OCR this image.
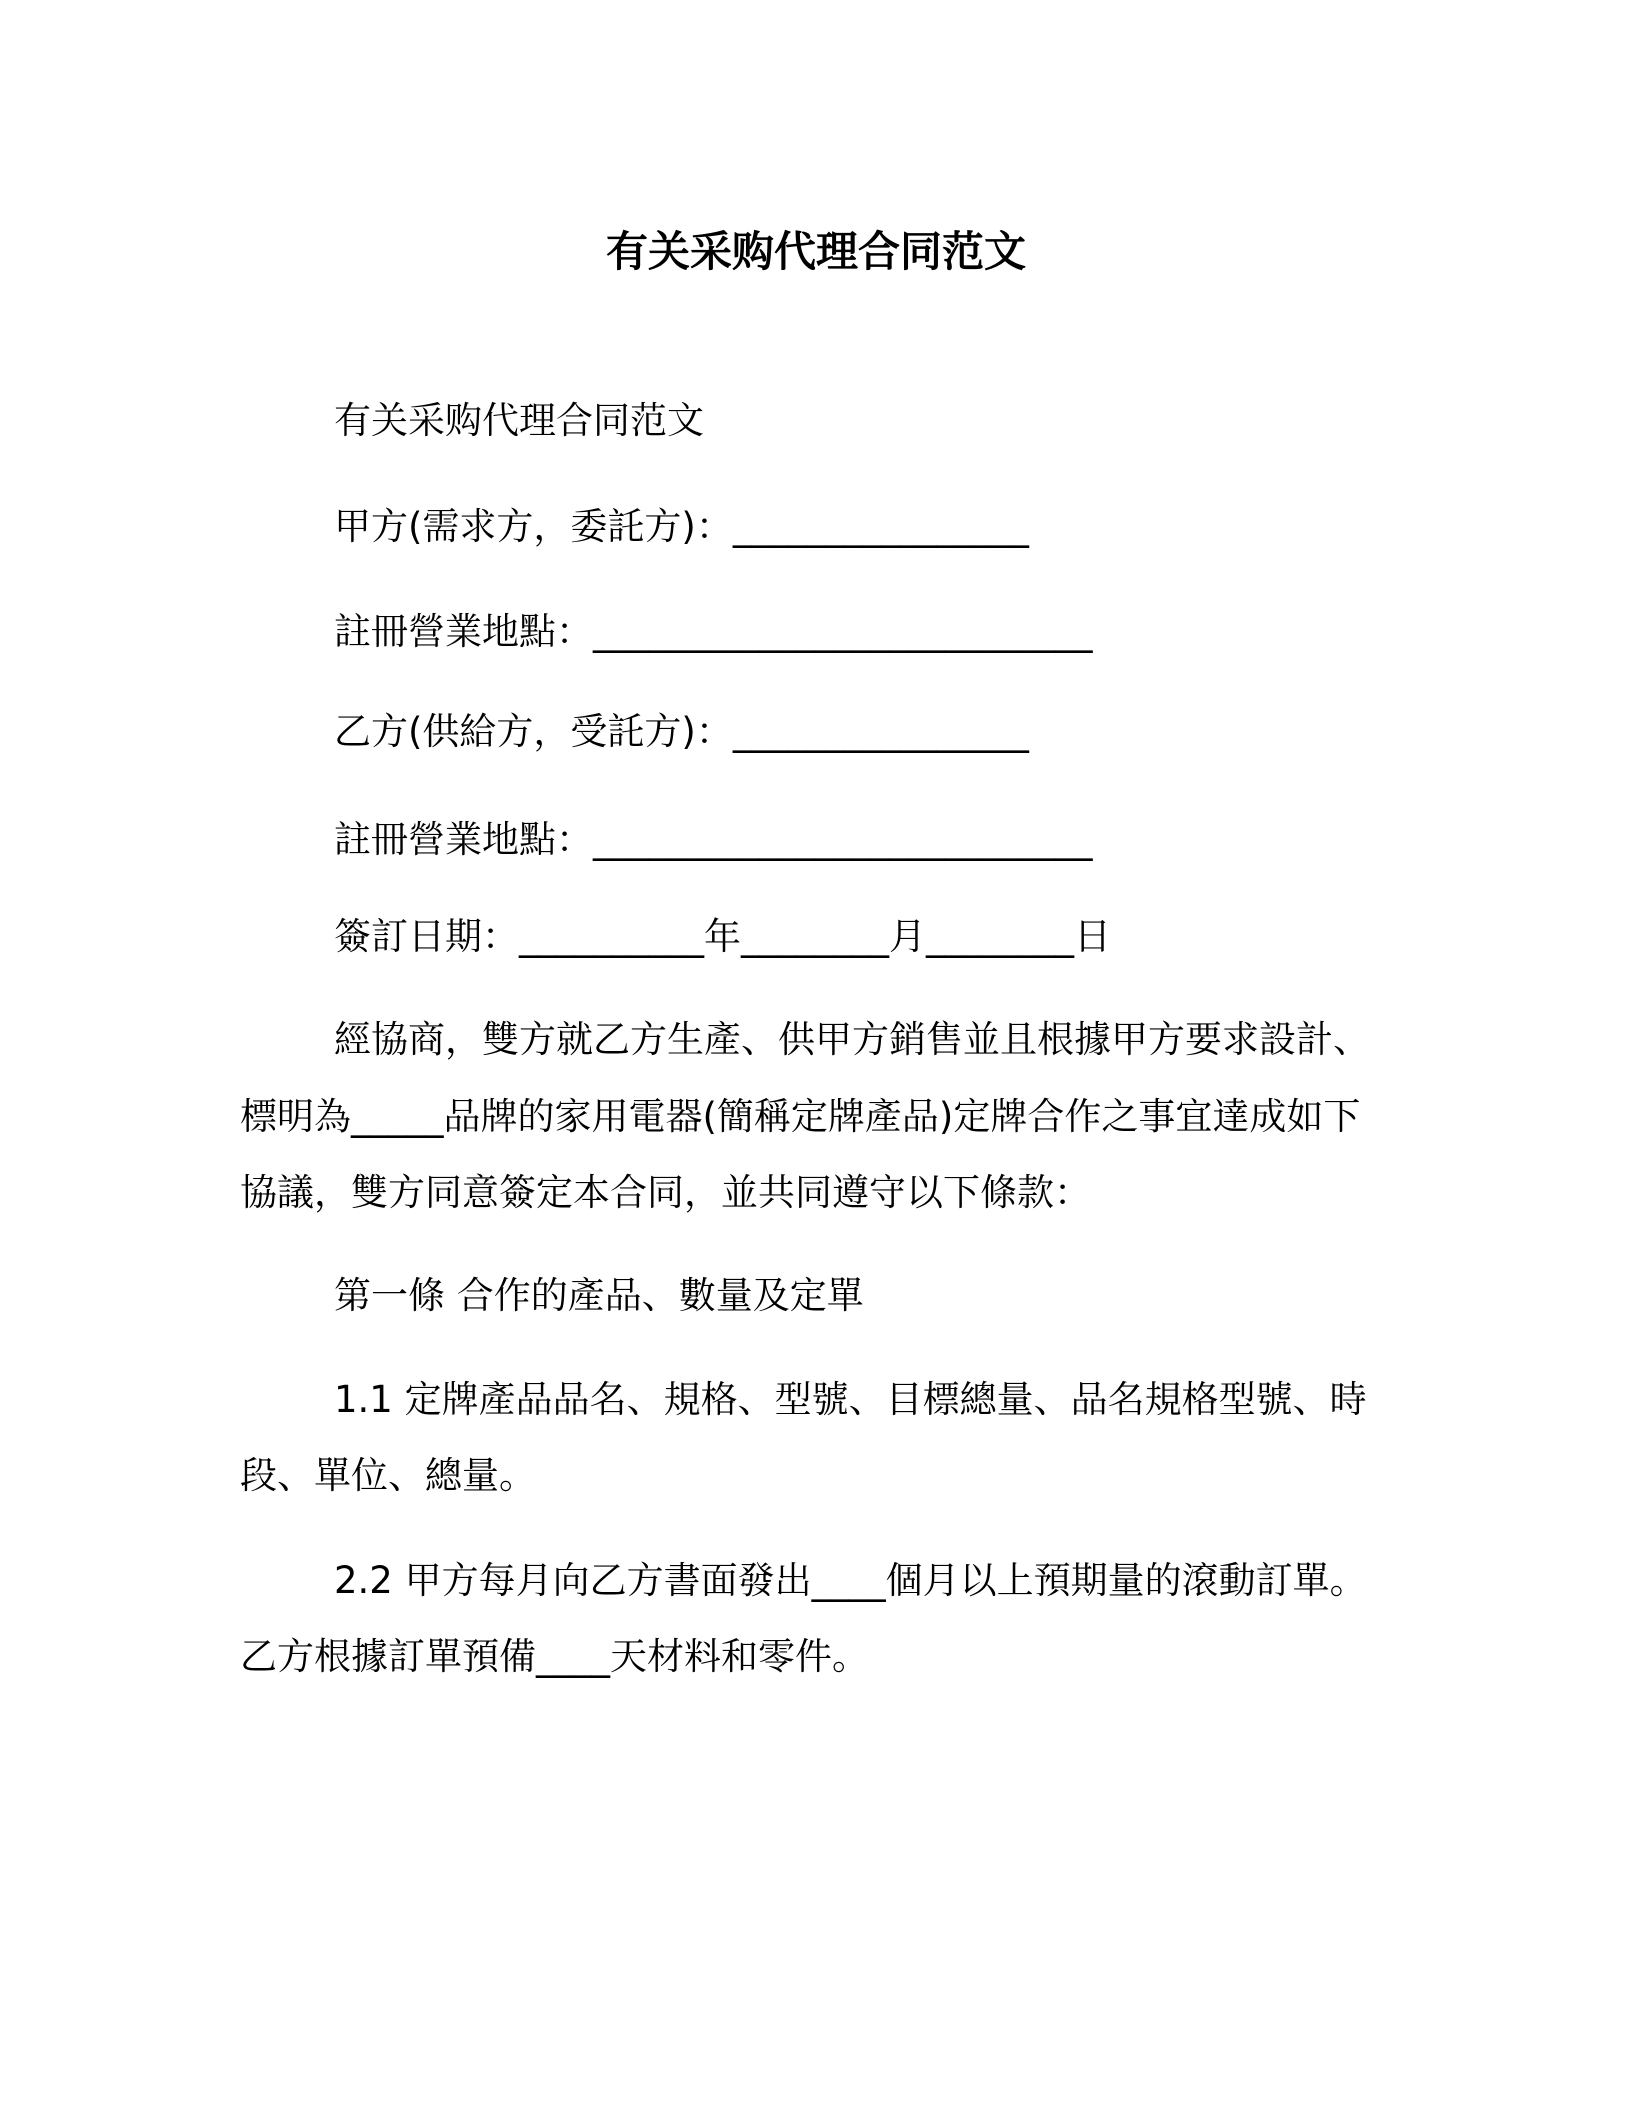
有关采购代理合同范文
有关采购代理合同范文
甲方(需求方，委託方)：________________
註冊營業地點：___________________________
乙方(供給方，受託方)：________________
註冊營業地點：___________________________
簽訂日期：__________年________月________日
經協商，雙方就乙方生產、供甲方銷售並且根據甲方要求設計、
標明為_____品牌的家用電器(簡稱定牌產品)定牌合作之事宜達成如下
協議，雙方同意簽定本合同，並共同遵守以下條款：
第一條 合作的產品、數量及定單
1.1 定牌產品品名、規格、型號、目標總量、品名規格型號、時
段、單位、總量。
2.2 甲方每月向乙方書面發出____個月以上預期量的滾動訂單。
乙方根據訂單預備____天材料和零件。
